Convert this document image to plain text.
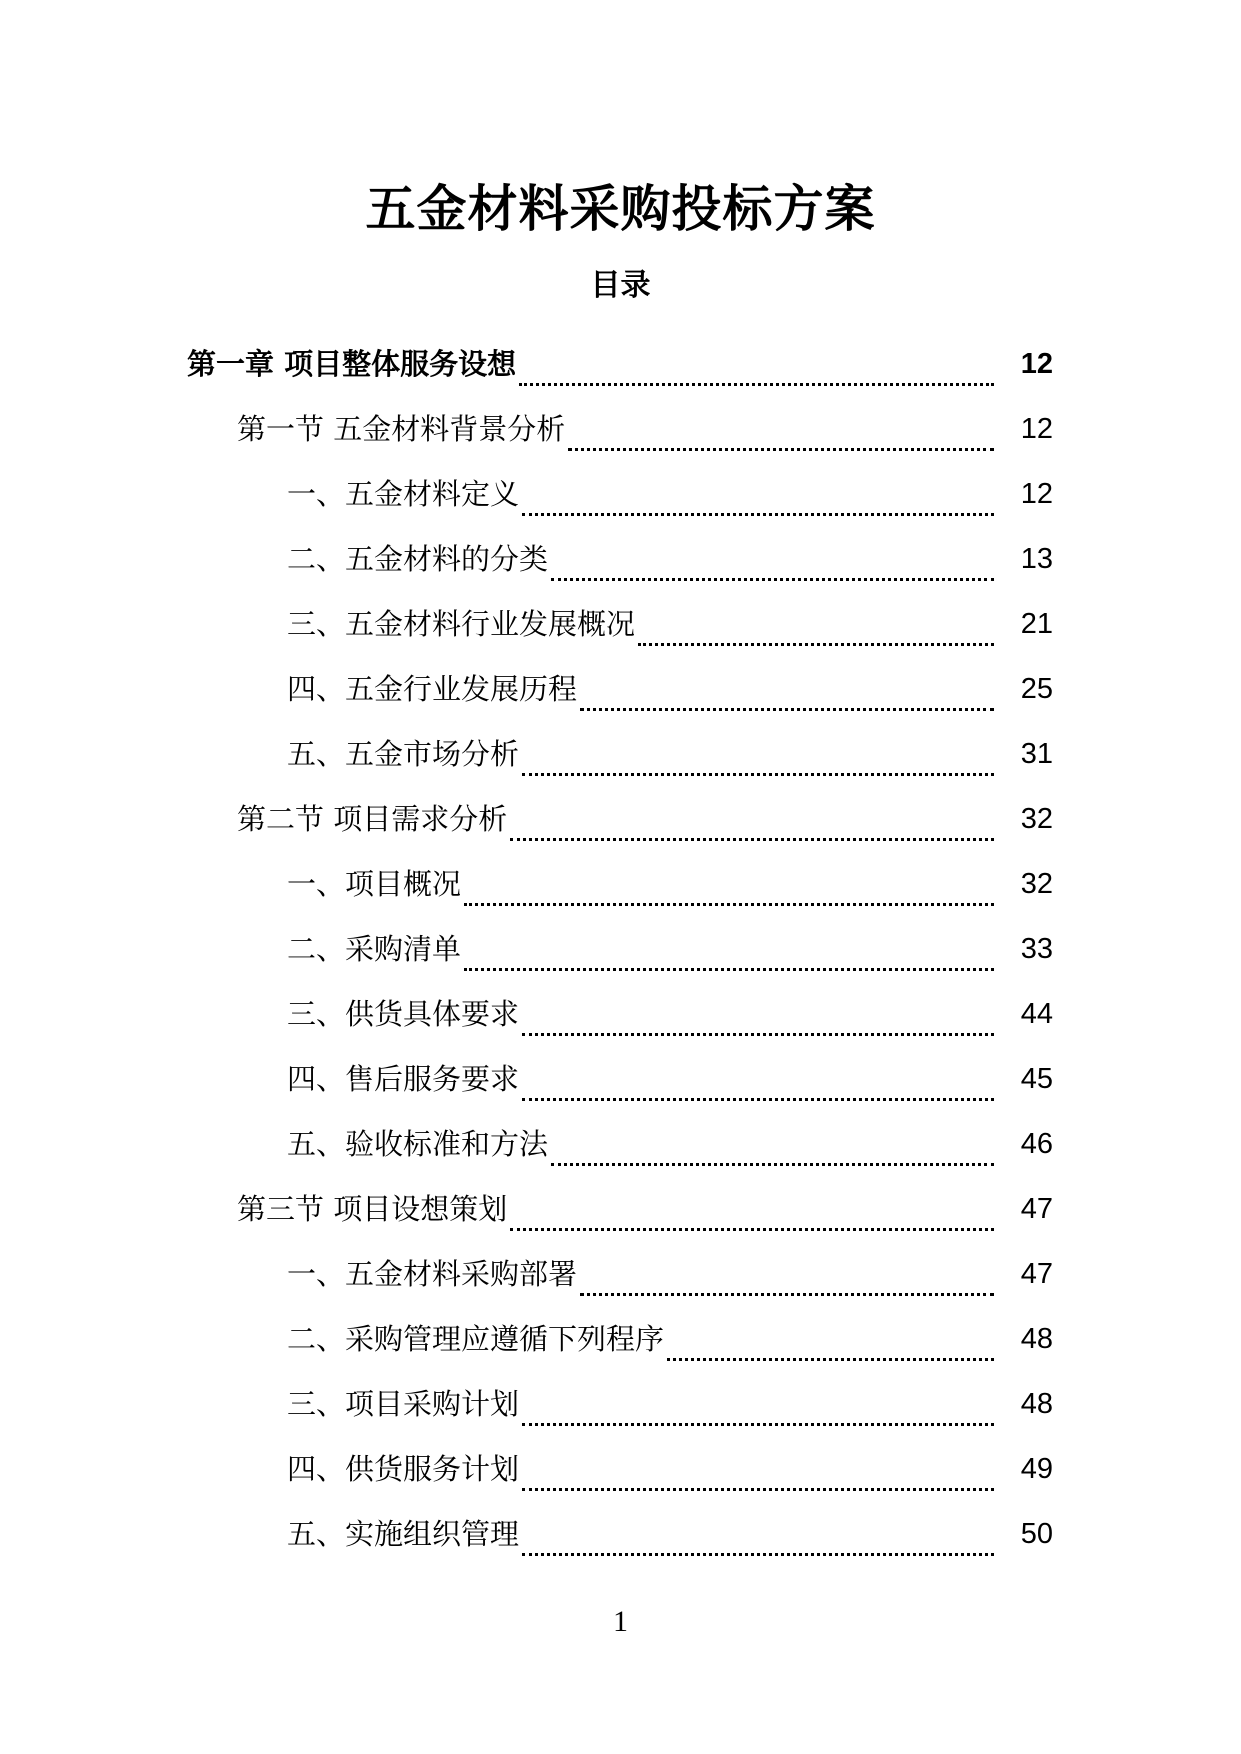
五金材料采购投标方案
目录
第一章 项目整体服务设想	12
第一节 五金材料背景分析	12
一、五金材料定义	12
二、五金材料的分类	13
三、五金材料行业发展概况	21
四、五金行业发展历程	25
五、五金市场分析	31
第二节 项目需求分析	32
一、项目概况	32
二、采购清单	33
三、供货具体要求	44
四、售后服务要求	45
五、验收标准和方法	46
第三节 项目设想策划	47
一、五金材料采购部署	47
二、采购管理应遵循下列程序	48
三、项目采购计划	48
四、供货服务计划	49
五、实施组织管理	50
1
